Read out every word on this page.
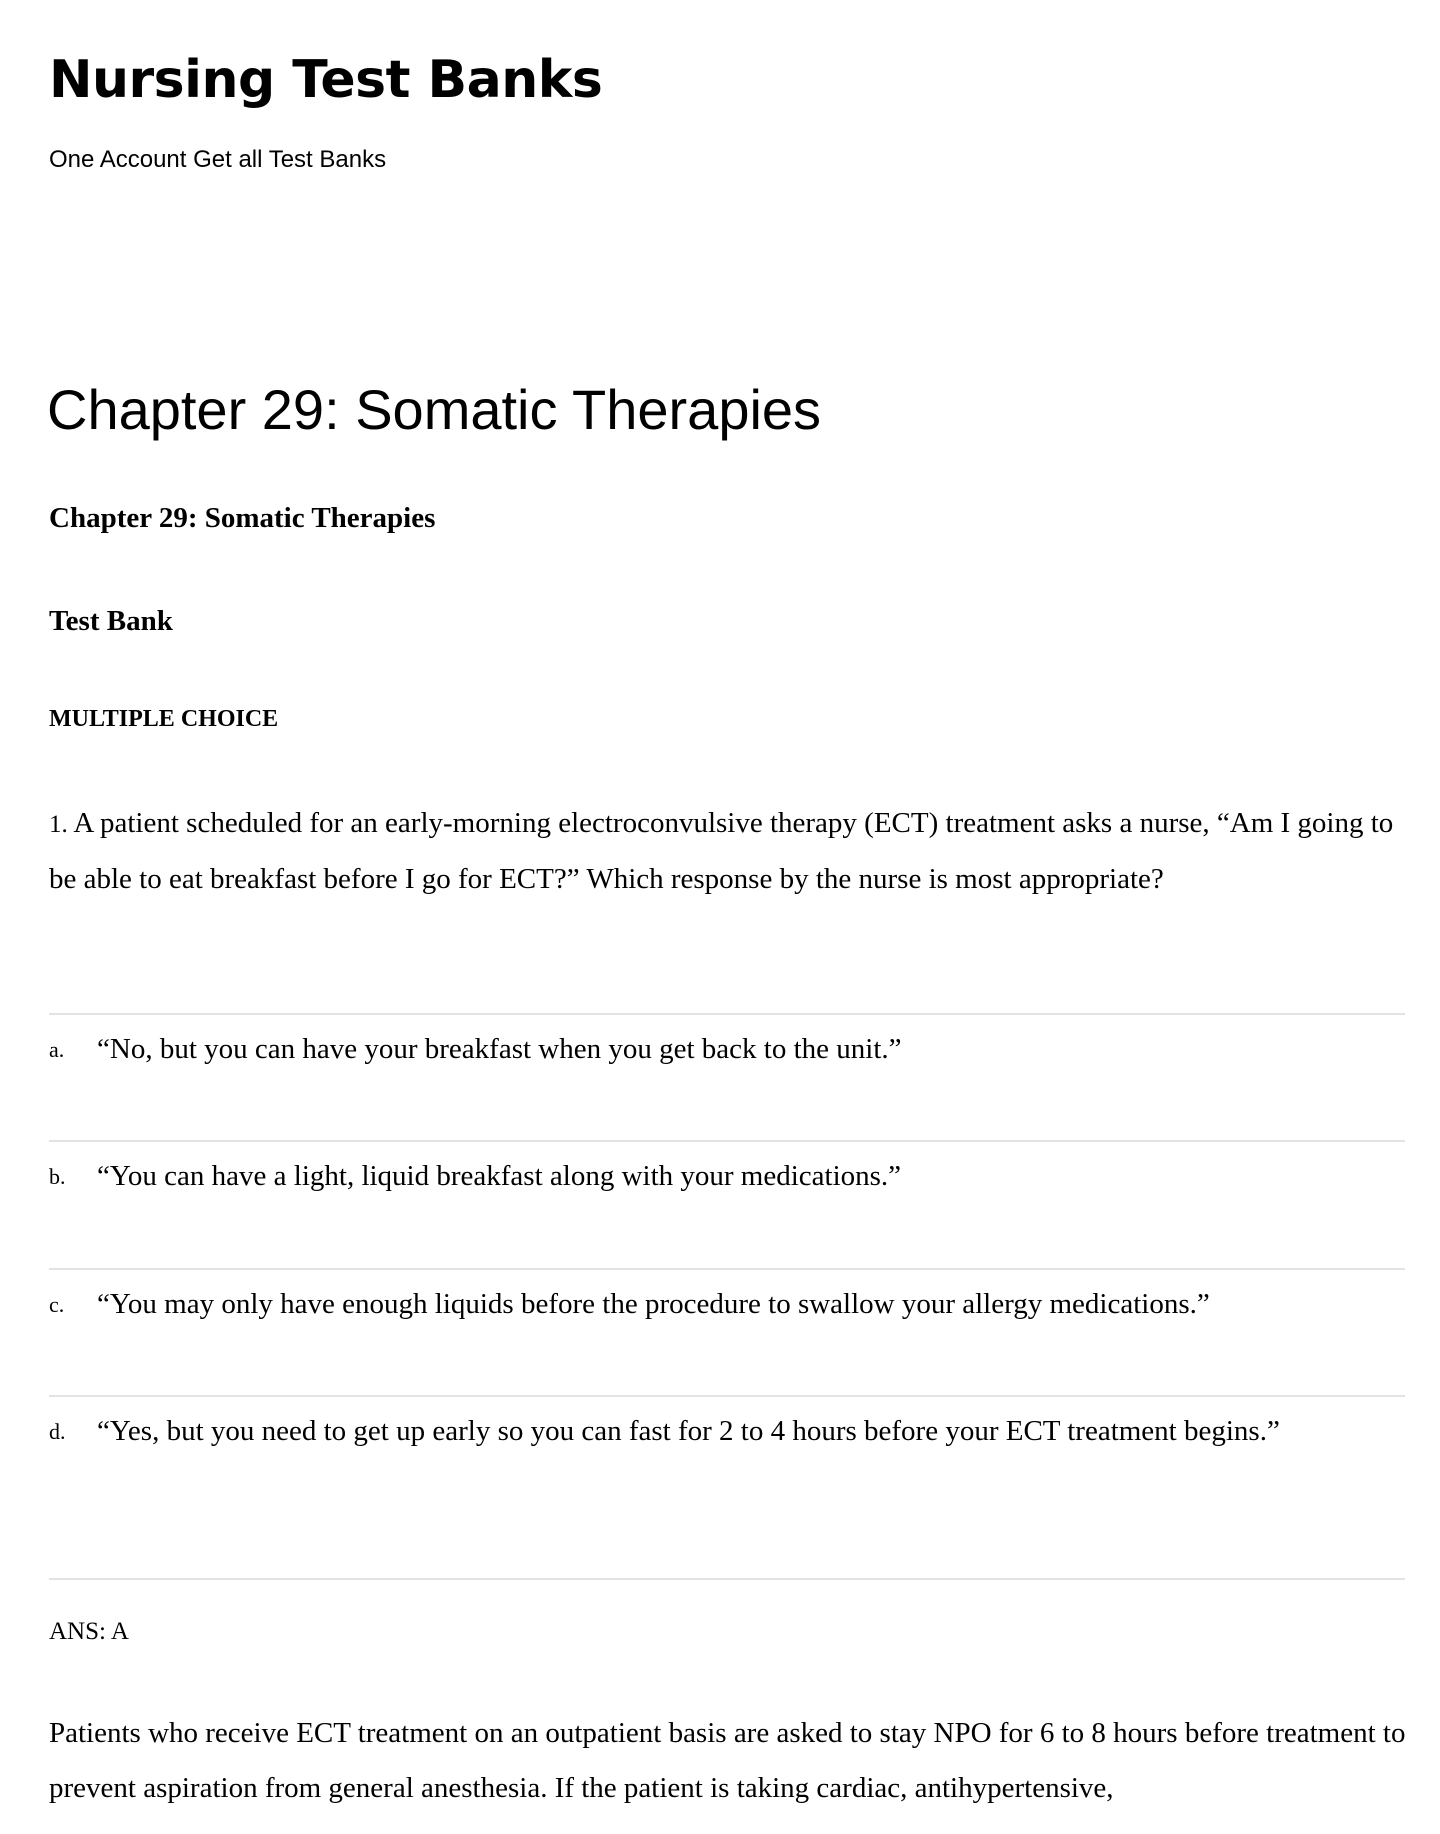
Nursing Test Banks
One Account Get all Test Banks
Chapter 29: Somatic Therapies
Chapter 29: Somatic Therapies
Test Bank
MULTIPLE CHOICE
1. A patient scheduled for an early-morning electroconvulsive therapy (ECT) treatment asks a nurse, “Am I going to be able to eat breakfast before I go for ECT?” Which response by the nurse is most appropriate?
a. “No, but you can have your breakfast when you get back to the unit.”
b. “You can have a light, liquid breakfast along with your medications.”
c. “You may only have enough liquids before the procedure to swallow your allergy medications.”
d. “Yes, but you need to get up early so you can fast for 2 to 4 hours before your ECT treatment begins.”
ANS: A
Patients who receive ECT treatment on an outpatient basis are asked to stay NPO for 6 to 8 hours before treatment to prevent aspiration from general anesthesia. If the patient is taking cardiac, antihypertensive,
